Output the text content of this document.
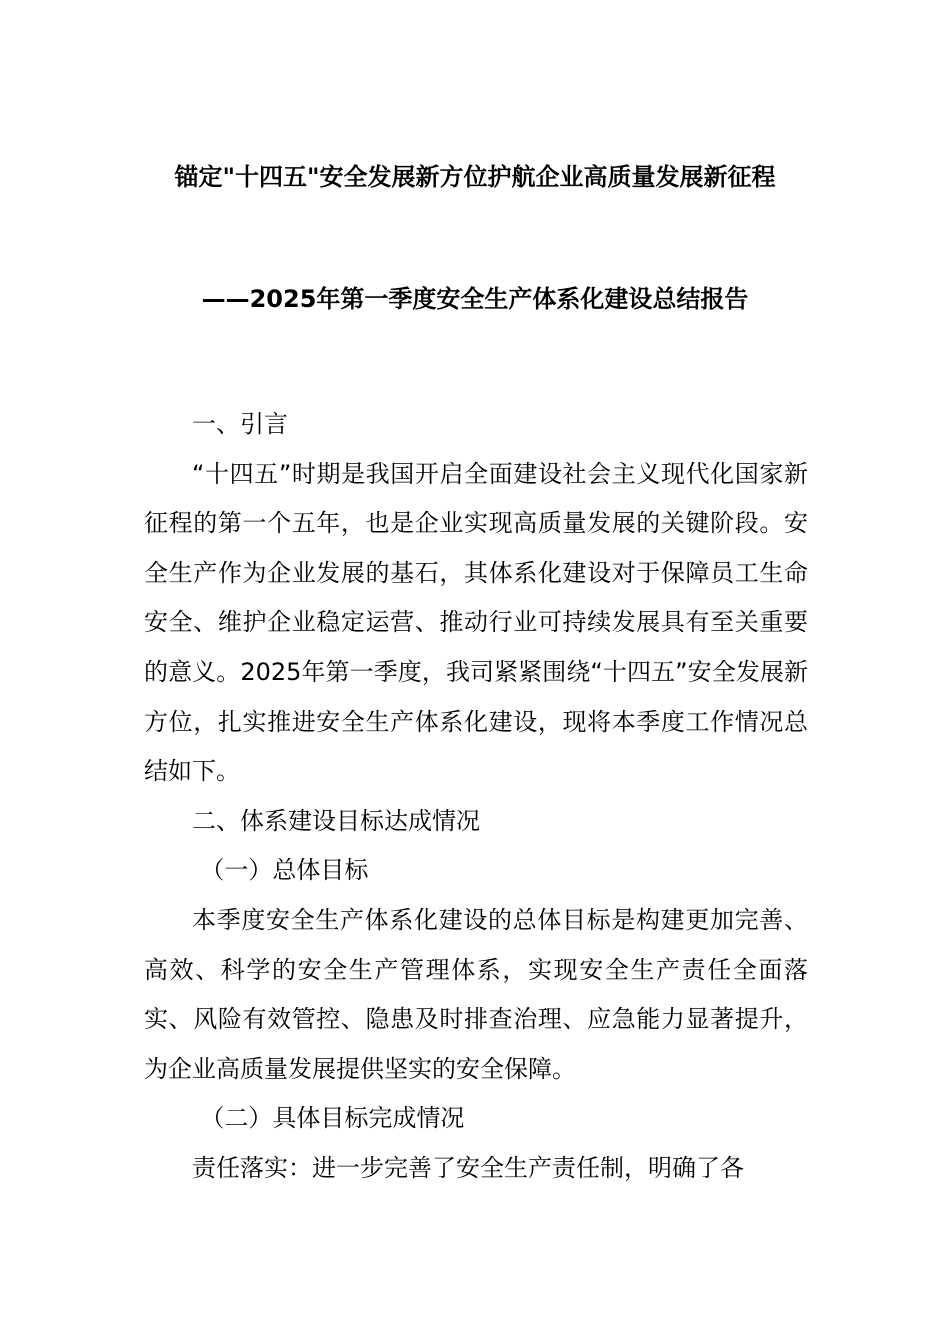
锚定"十四五"安全发展新方位护航企业高质量发展新征程
——2025年第一季度安全生产体系化建设总结报告

一、引言

“十四五”时期是我国开启全面建设社会主义现代化国家新征程的第一个五年，也是企业实现高质量发展的关键阶段。安全生产作为企业发展的基石，其体系化建设对于保障员工生命安全、维护企业稳定运营、推动行业可持续发展具有至关重要的意义。2025年第一季度，我司紧紧围绕“十四五”安全发展新方位，扎实推进安全生产体系化建设，现将本季度工作情况总结如下。

二、体系建设目标达成情况

（一）总体目标

本季度安全生产体系化建设的总体目标是构建更加完善、高效、科学的安全生产管理体系，实现安全生产责任全面落实、风险有效管控、隐患及时排查治理、应急能力显著提升，为企业高质量发展提供坚实的安全保障。

（二）具体目标完成情况

责任落实：进一步完善了安全生产责任制，明确了各
